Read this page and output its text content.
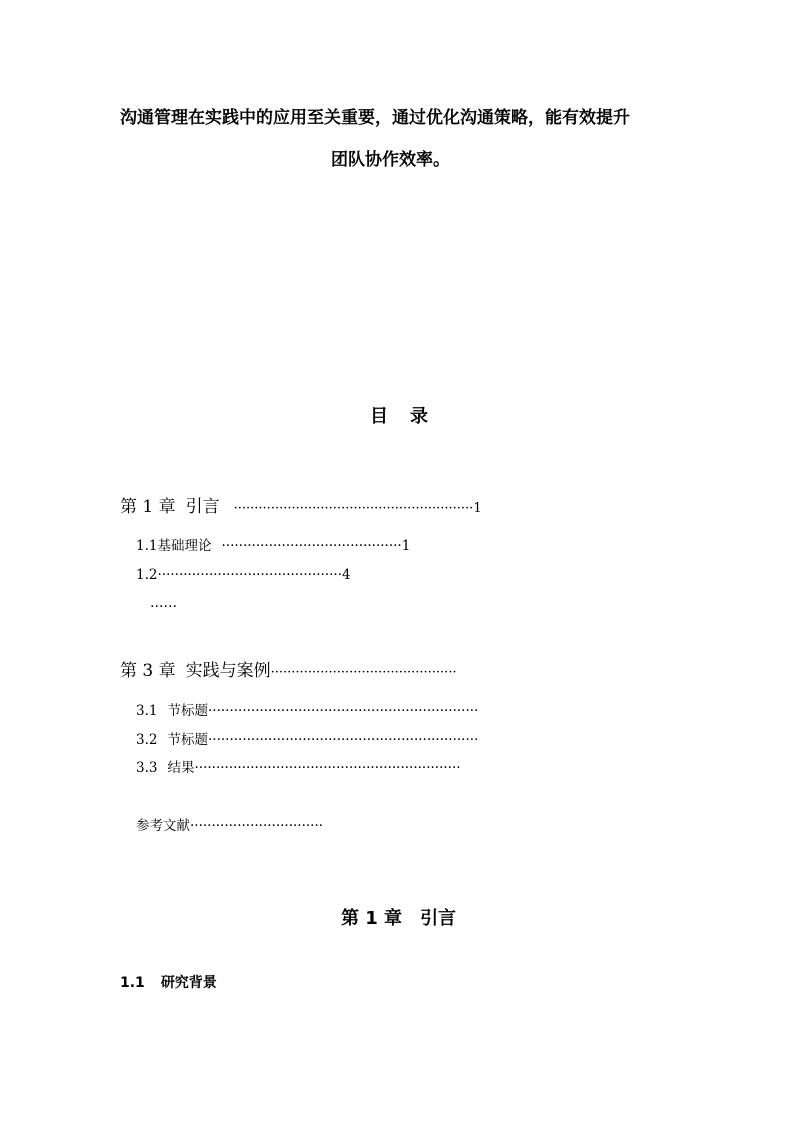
沟通管理在实践中的应用至关重要，通过优化沟通策略，能有效提升
团队协作效率。
目 录
第 1 章 引言 ··························································1
1.1基础理论 ··········································1
1.2···········································4
……
第 3 章 实践与案例·············································
3.1 节标题·······························································
3.2 节标题·······························································
3.3 结果······························································
参考文献·······························
第 1 章 引言
1.1 研究背景
